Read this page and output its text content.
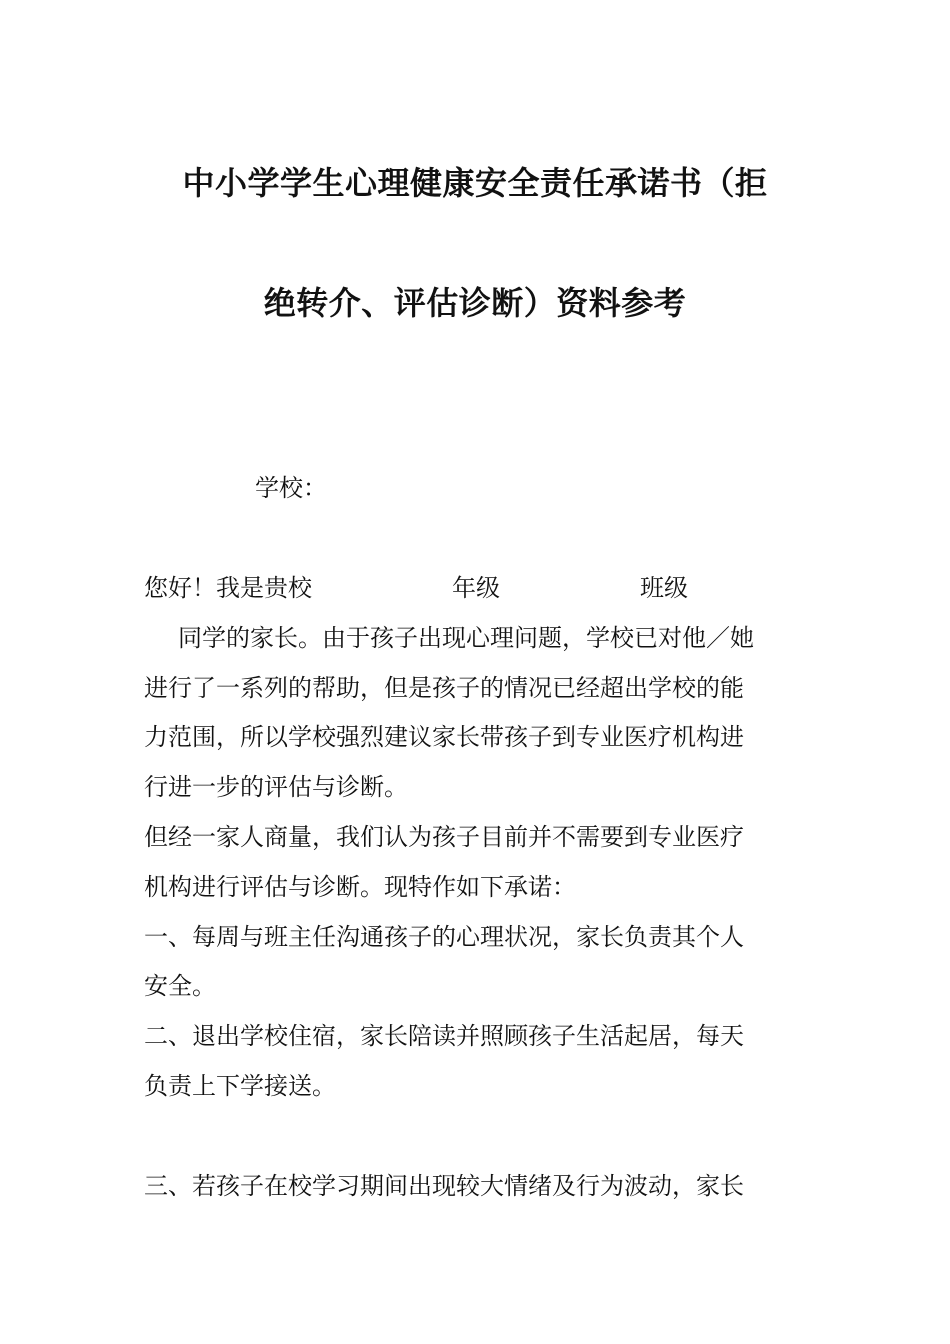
中小学学生心理健康安全责任承诺书（拒
绝转介、评估诊断）资料参考
学校：
您好！我是贵校	年级	班级
同学的家长。由于孩子出现心理问题，学校已对他／她
进行了一系列的帮助，但是孩子的情况已经超出学校的能
力范围，所以学校强烈建议家长带孩子到专业医疗机构进
行进一步的评估与诊断。
但经一家人商量，我们认为孩子目前并不需要到专业医疗
机构进行评估与诊断。现特作如下承诺：
一、每周与班主任沟通孩子的心理状况，家长负责其个人
安全。
二、退出学校住宿，家长陪读并照顾孩子生活起居，每天
负责上下学接送。
三、若孩子在校学习期间出现较大情绪及行为波动，家长
